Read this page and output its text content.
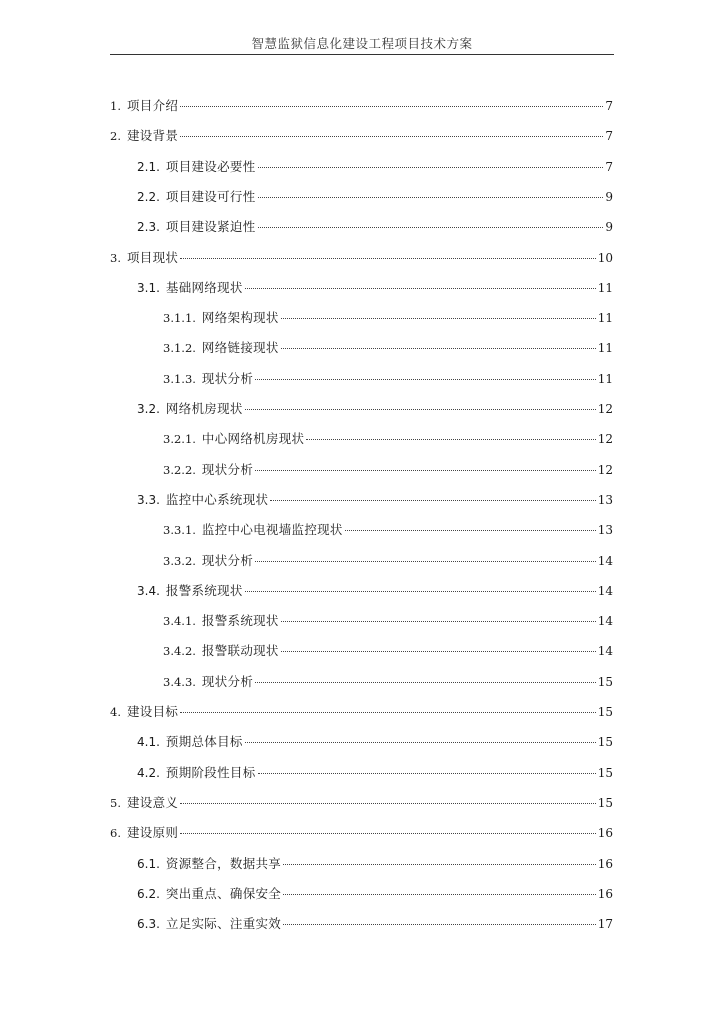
智慧监狱信息化建设工程项目技术方案
1. 项目介绍	7
2. 建设背景	7
2.1. 项目建设必要性	7
2.2. 项目建设可行性	9
2.3. 项目建设紧迫性	9
3. 项目现状	10
3.1. 基础网络现状	11
3.1.1. 网络架构现状	11
3.1.2. 网络链接现状	11
3.1.3. 现状分析	11
3.2. 网络机房现状	12
3.2.1. 中心网络机房现状	12
3.2.2. 现状分析	12
3.3. 监控中心系统现状	13
3.3.1. 监控中心电视墙监控现状	13
3.3.2. 现状分析	14
3.4. 报警系统现状	14
3.4.1. 报警系统现状	14
3.4.2. 报警联动现状	14
3.4.3. 现状分析	15
4. 建设目标	15
4.1. 预期总体目标	15
4.2. 预期阶段性目标	15
5. 建设意义	15
6. 建设原则	16
6.1. 资源整合，数据共享	16
6.2. 突出重点、确保安全	16
6.3. 立足实际、注重实效	17
